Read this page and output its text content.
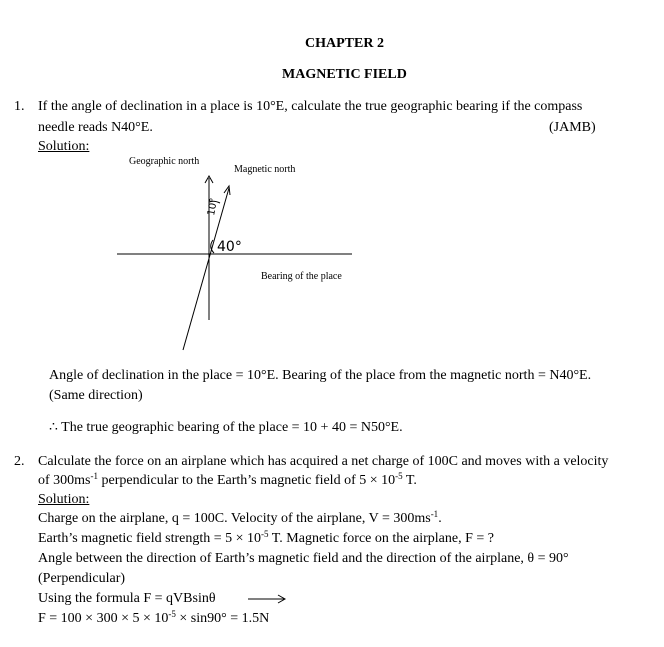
CHAPTER 2
MAGNETIC FIELD
1. If the angle of declination in a place is 10°E, calculate the true geographic bearing if the compass
needle reads N40°E.	(JAMB)
Solution:
10°
40°
Geographic north
Magnetic north
Bearing of the place
Angle of declination in the place = 10°E. Bearing of the place from the magnetic north = N40°E.
(Same direction)
∴ The true geographic bearing of the place = 10 + 40 = N50°E.
2. Calculate the force on an airplane which has acquired a net charge of 100C and moves with a velocity
of $300ms^{-1}$ perpendicular to the Earth’s magnetic field of $5 \times 10^{-5}$ T.
Solution:
Charge on the airplane, q = 100C. Velocity of the airplane, $V = 300ms^{-1}$.
Earth’s magnetic field strength = $5 \times 10^{-5}$ T. Magnetic force on the airplane, F = ?
Angle between the direction of Earth’s magnetic field and the direction of the airplane, θ = 90°
(Perpendicular)
Using the formula F = qVBsinθ
$F = 100 \times 300 \times 5 \times 10^{-5} \times \sin 90^\circ = 1.5N$
